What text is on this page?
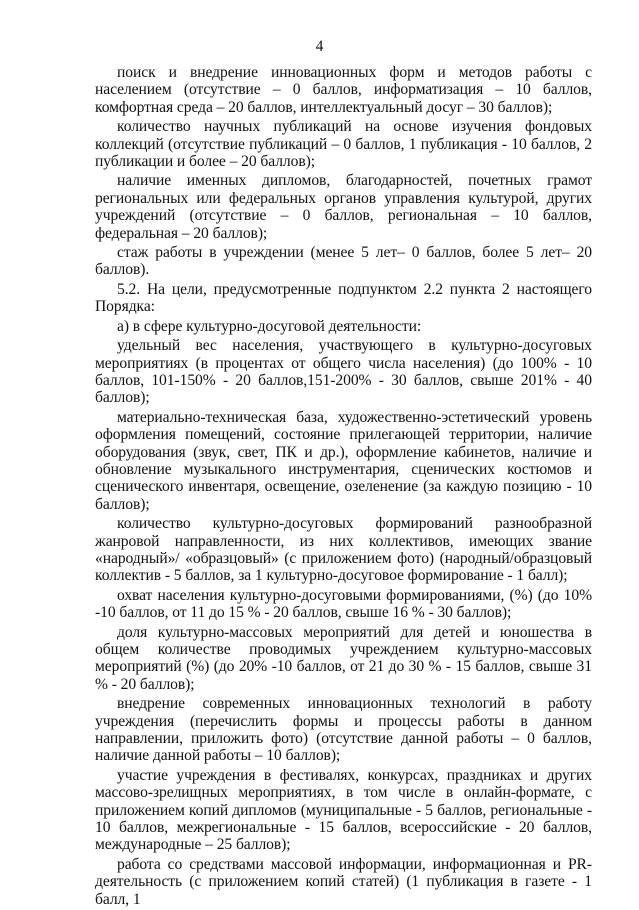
4

поиск и внедрение инновационных форм и методов работы с населением (отсутствие – 0 баллов, информатизация – 10 баллов, комфортная среда – 20 баллов, интеллектуальный досуг – 30 баллов);

количество научных публикаций на основе изучения фондовых коллекций (отсутствие публикаций – 0 баллов, 1 публикация - 10 баллов, 2 публикации и более – 20 баллов);

наличие именных дипломов, благодарностей, почетных грамот региональных или федеральных органов управления культурой, других учреждений (отсутствие – 0 баллов, региональная – 10 баллов, федеральная – 20 баллов);

стаж работы в учреждении (менее 5 лет– 0 баллов, более 5 лет– 20 баллов).

5.2. На цели, предусмотренные подпунктом 2.2 пункта 2 настоящего Порядка:

а) в сфере культурно-досуговой деятельности:

удельный вес населения, участвующего в культурно-досуговых мероприятиях (в процентах от общего числа населения) (до 100% - 10 баллов, 101-150% - 20 баллов,151-200% - 30 баллов, свыше 201% - 40 баллов);

материально-техническая база, художественно-эстетический уровень оформления помещений, состояние прилегающей территории, наличие оборудования (звук, свет, ПК и др.), оформление кабинетов, наличие и обновление музыкального инструментария, сценических костюмов и сценического инвентаря, освещение, озеленение (за каждую позицию - 10 баллов);

количество культурно-досуговых формирований разнообразной жанровой направленности, из них коллективов, имеющих звание «народный»/ «образцовый» (с приложением фото) (народный/образцовый коллектив - 5 баллов, за 1 культурно-досуговое формирование - 1 балл);

охват населения культурно-досуговыми формированиями, (%) (до 10% -10 баллов, от 11 до 15 % - 20 баллов, свыше 16 % - 30 баллов);

доля культурно-массовых мероприятий для детей и юношества в общем количестве проводимых учреждением культурно-массовых мероприятий (%) (до 20% -10 баллов, от 21 до 30 % - 15 баллов, свыше 31 % - 20 баллов);

внедрение современных инновационных технологий в работу учреждения (перечислить формы и процессы работы в данном направлении, приложить фото) (отсутствие данной работы – 0 баллов, наличие данной работы – 10 баллов);

участие учреждения в фестивалях, конкурсах, праздниках и других массово-зрелищных мероприятиях, в том числе в онлайн-формате, с приложением копий дипломов (муниципальные - 5 баллов, региональные - 10 баллов, межрегиональные - 15 баллов, всероссийские - 20 баллов, международные – 25 баллов);

работа со средствами массовой информации, информационная и PR-деятельность (с приложением копий статей) (1 публикация в газете - 1 балл, 1
